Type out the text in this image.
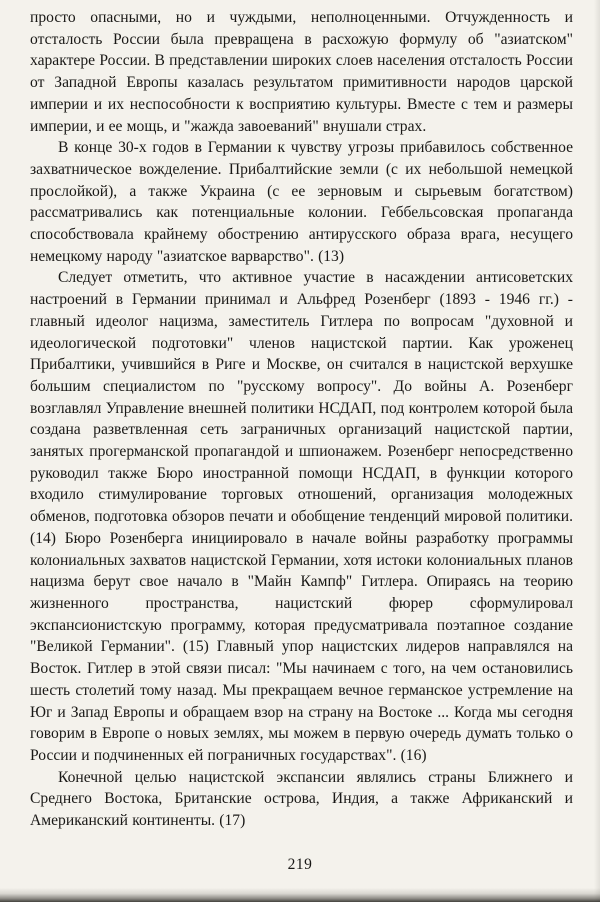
просто опасными, но и чуждыми, неполноценными. Отчужденность и отсталость России была превращена в расхожую формулу об "азиатском" характере России. В представлении широких слоев населения отсталость России от Западной Европы казалась результатом примитивности народов царской империи и их неспособности к восприятию культуры. Вместе с тем и размеры империи, и ее мощь, и "жажда завоеваний" внушали страх.

В конце 30-х годов в Германии к чувству угрозы прибавилось собственное захватническое вожделение. Прибалтийские земли (с их небольшой немецкой прослойкой), а также Украина (с ее зерновым и сырьевым богатством) рассматривались как потенциальные колонии. Геббельсовская пропаганда способствовала крайнему обострению антирусского образа врага, несущего немецкому народу "азиатское варварство". (13)

Следует отметить, что активное участие в насаждении антисоветских настроений в Германии принимал и Альфред Розенберг (1893 - 1946 гг.) - главный идеолог нацизма, заместитель Гитлера по вопросам "духовной и идеологической подготовки" членов нацистской партии. Как уроженец Прибалтики, учившийся в Риге и Москве, он считался в нацистской верхушке большим специалистом по "русскому вопросу". До войны А. Розенберг возглавлял Управление внешней политики НСДАП, под контролем которой была создана разветвленная сеть заграничных организаций нацистской партии, занятых прогерманской пропагандой и шпионажем. Розенберг непосредственно руководил также Бюро иностранной помощи НСДАП, в функции которого входило стимулирование торговых отношений, организация молодежных обменов, подготовка обзоров печати и обобщение тенденций мировой политики. (14) Бюро Розенберга инициировало в начале войны разработку программы колониальных захватов нацистской Германии, хотя истоки колониальных планов нацизма берут свое начало в "Майн Кампф" Гитлера. Опираясь на теорию жизненного пространства, нацистский фюрер сформулировал экспансионистскую программу, которая предусматривала поэтапное создание "Великой Германии". (15) Главный упор нацистских лидеров направлялся на Восток. Гитлер в этой связи писал: "Мы начинаем с того, на чем остановились шесть столетий тому назад. Мы прекращаем вечное германское устремление на Юг и Запад Европы и обращаем взор на страну на Востоке ... Когда мы сегодня говорим в Европе о новых землях, мы можем в первую очередь думать только о России и подчиненных ей пограничных государствах". (16)

Конечной целью нацистской экспансии являлись страны Ближнего и Среднего Востока, Британские острова, Индия, а также Африканский и Американский континенты. (17)

219
